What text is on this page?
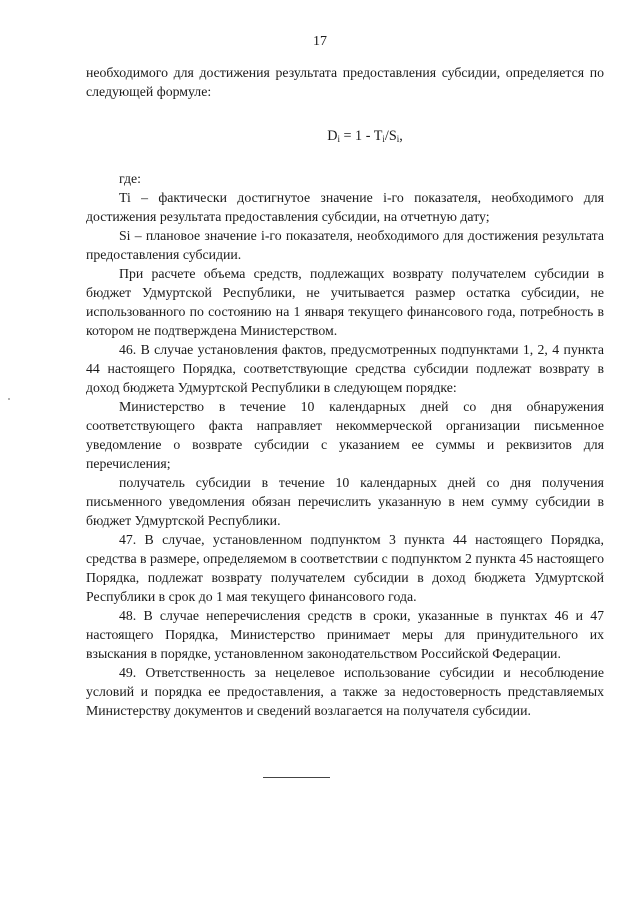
17

необходимого для достижения результата предоставления субсидии, определяется по следующей формуле:

$D_i = 1 - T_i/S_i$,

где:

Ti – фактически достигнутое значение i-го показателя, необходимого для достижения результата предоставления субсидии, на отчетную дату;

Si – плановое значение i-го показателя, необходимого для достижения результата предоставления субсидии.

При расчете объема средств, подлежащих возврату получателем субсидии в бюджет Удмуртской Республики, не учитывается размер остатка субсидии, не использованного по состоянию на 1 января текущего финансового года, потребность в котором не подтверждена Министерством.

46. В случае установления фактов, предусмотренных подпунктами 1, 2, 4 пункта 44 настоящего Порядка, соответствующие средства субсидии подлежат возврату в доход бюджета Удмуртской Республики в следующем порядке:

Министерство в течение 10 календарных дней со дня обнаружения соответствующего факта направляет некоммерческой организации письменное уведомление о возврате субсидии с указанием ее суммы и реквизитов для перечисления;

получатель субсидии в течение 10 календарных дней со дня получения письменного уведомления обязан перечислить указанную в нем сумму субсидии в бюджет Удмуртской Республики.

47. В случае, установленном подпунктом 3 пункта 44 настоящего Порядка, средства в размере, определяемом в соответствии с подпунктом 2 пункта 45 настоящего Порядка, подлежат возврату получателем субсидии в доход бюджета Удмуртской Республики в срок до 1 мая текущего финансового года.

48. В случае неперечисления средств в сроки, указанные в пунктах 46 и 47 настоящего Порядка, Министерство принимает меры для принудительного их взыскания в порядке, установленном законодательством Российской Федерации.

49. Ответственность за нецелевое использование субсидии и несоблюдение условий и порядка ее предоставления, а также за недостоверность представляемых Министерству документов и сведений возлагается на получателя субсидии.
